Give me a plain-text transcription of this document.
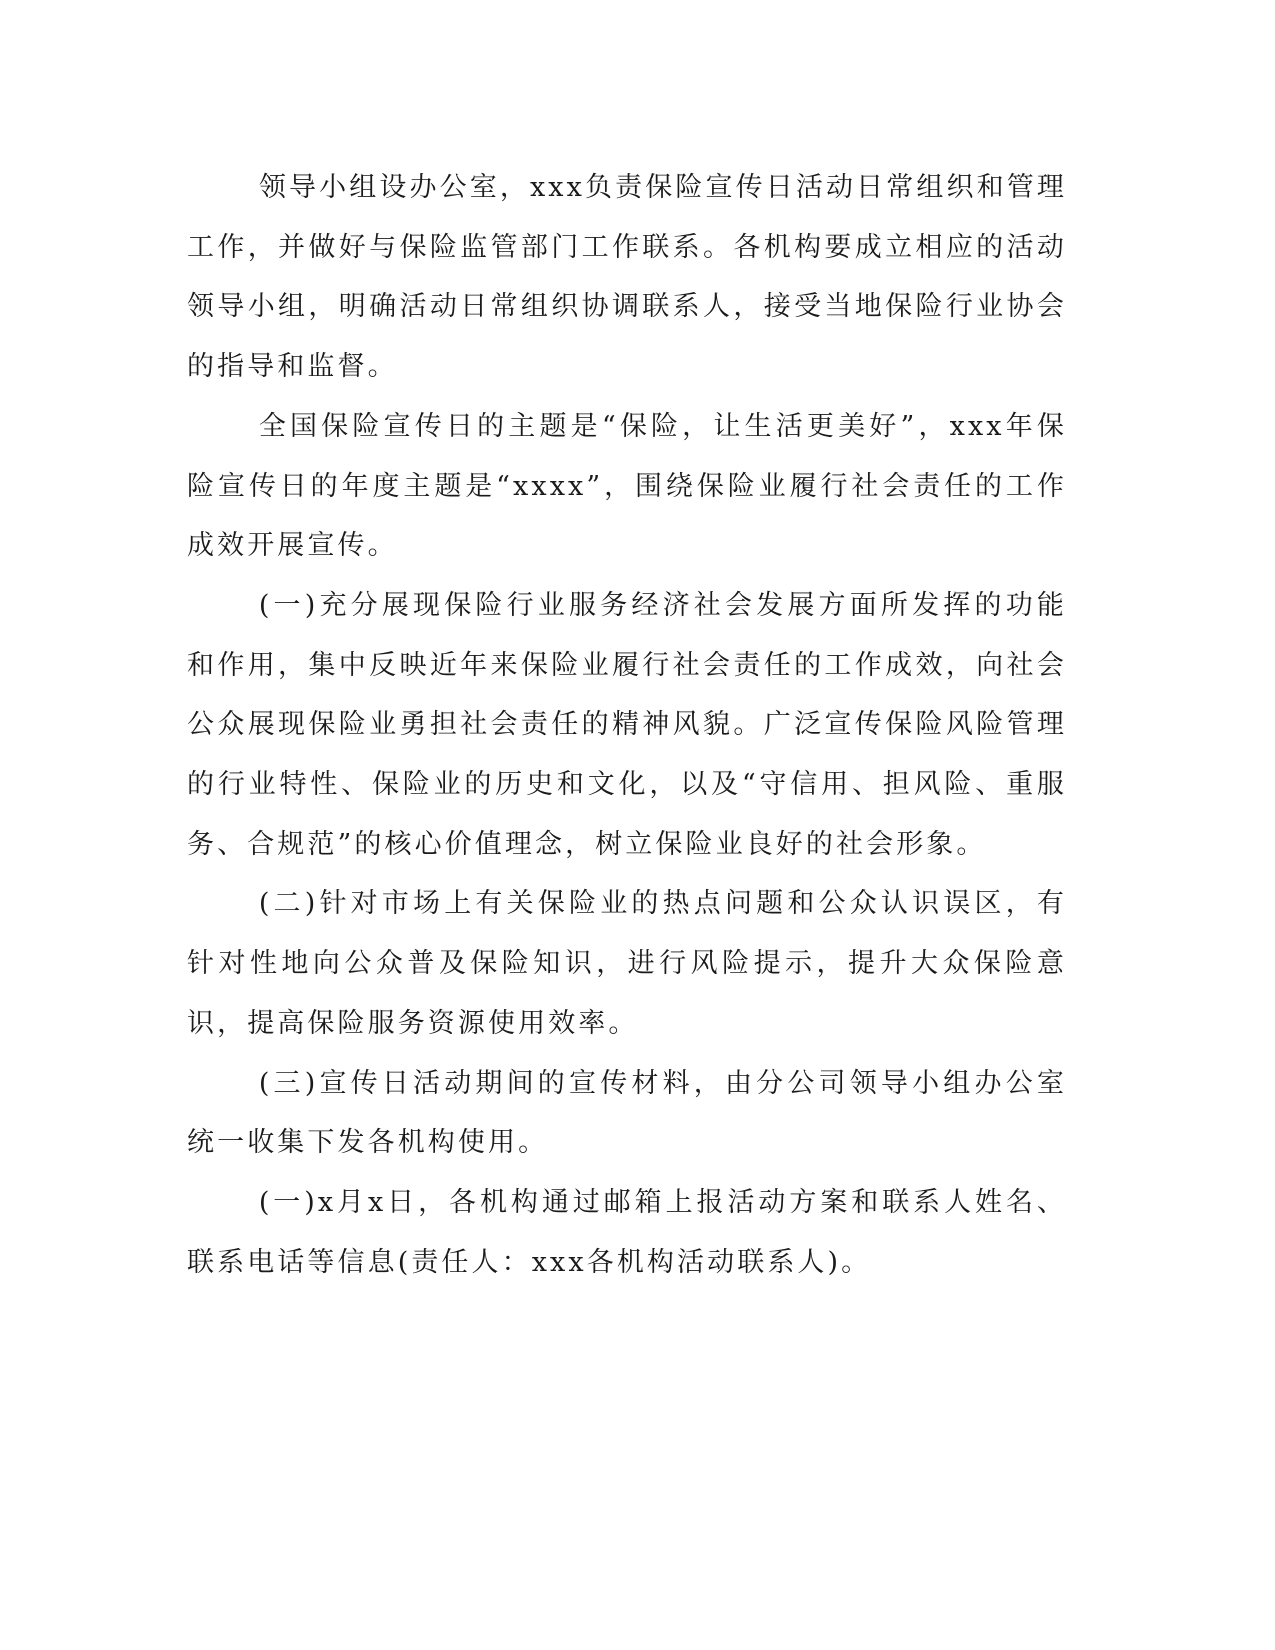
领导小组设办公室，xxx负责保险宣传日活动日常组织和管理工作，并做好与保险监管部门工作联系。各机构要成立相应的活动领导小组，明确活动日常组织协调联系人，接受当地保险行业协会的指导和监督。

全国保险宣传日的主题是“保险，让生活更美好”，xxx年保险宣传日的年度主题是“xxxx”，围绕保险业履行社会责任的工作成效开展宣传。

(一)充分展现保险行业服务经济社会发展方面所发挥的功能和作用，集中反映近年来保险业履行社会责任的工作成效，向社会公众展现保险业勇担社会责任的精神风貌。广泛宣传保险风险管理的行业特性、保险业的历史和文化，以及“守信用、担风险、重服务、合规范”的核心价值理念，树立保险业良好的社会形象。

(二)针对市场上有关保险业的热点问题和公众认识误区，有针对性地向公众普及保险知识，进行风险提示，提升大众保险意识，提高保险服务资源使用效率。

(三)宣传日活动期间的宣传材料，由分公司领导小组办公室统一收集下发各机构使用。

(一)x月x日，各机构通过邮箱上报活动方案和联系人姓名、联系电话等信息(责任人：xxx各机构活动联系人)。
